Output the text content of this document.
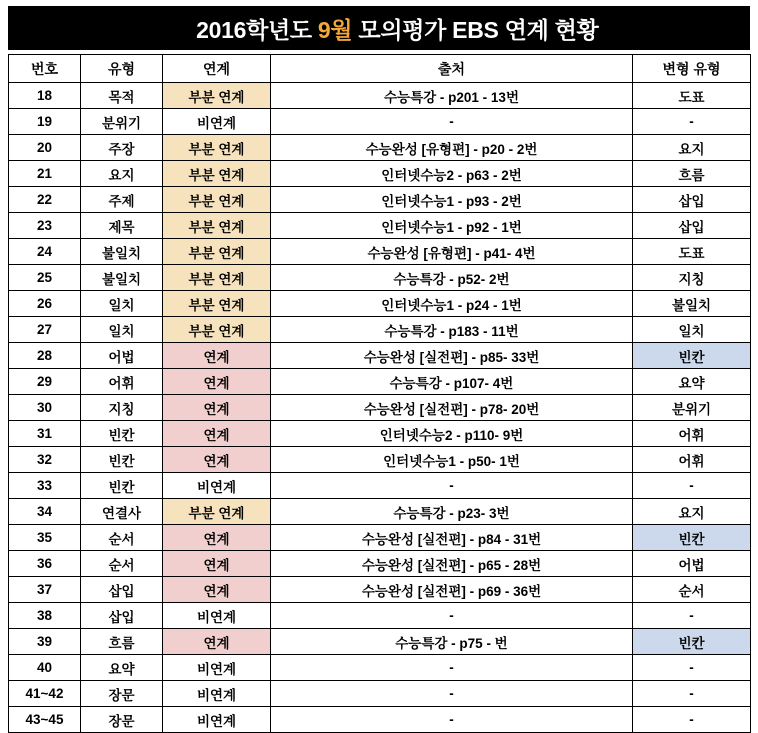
2016학년도 9월 모의평가 EBS 연계 현황

번호	유형	연계	출처	변형 유형
18	목적	부분 연계	수능특강 - p201 - 13번	도표
19	분위기	비연계	-	-
20	주장	부분 연계	수능완성 [유형편] - p20 - 2번	요지
21	요지	부분 연계	인터넷수능2 - p63 - 2번	흐름
22	주제	부분 연계	인터넷수능1 - p93 - 2번	삽입
23	제목	부분 연계	인터넷수능1 - p92 - 1번	삽입
24	불일치	부분 연계	수능완성 [유형편] - p41- 4번	도표
25	불일치	부분 연계	수능특강 - p52- 2번	지칭
26	일치	부분 연계	인터넷수능1 - p24 - 1번	불일치
27	일치	부분 연계	수능특강 - p183 - 11번	일치
28	어법	연계	수능완성 [실전편] - p85- 33번	빈칸
29	어휘	연계	수능특강 - p107- 4번	요약
30	지칭	연계	수능완성 [실전편] - p78- 20번	분위기
31	빈칸	연계	인터넷수능2 - p110- 9번	어휘
32	빈칸	연계	인터넷수능1 - p50- 1번	어휘
33	빈칸	비연계	-	-
34	연결사	부분 연계	수능특강 - p23- 3번	요지
35	순서	연계	수능완성 [실전편] - p84 - 31번	빈칸
36	순서	연계	수능완성 [실전편] - p65 - 28번	어법
37	삽입	연계	수능완성 [실전편] - p69 - 36번	순서
38	삽입	비연계	-	-
39	흐름	연계	수능특강 - p75 - 번	빈칸
40	요약	비연계	-	-
41~42	장문	비연계	-	-
43~45	장문	비연계	-	-
